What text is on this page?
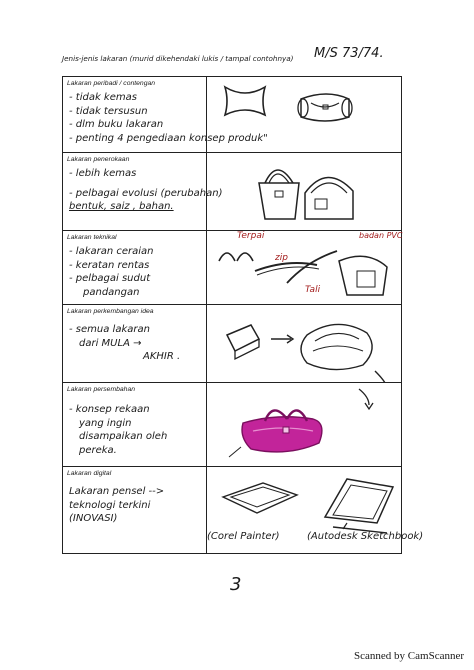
Jenis-jenis lakaran (murid dikehendaki lukis / tampal contohnya) M/S 73/74.
Lakaran peribadi / contengan
- tidak kemas
- tidak tersusun
- dlm buku lakaran
- penting 4 pengediaan konsep produk"
Lakaran penerokaan
- lebih kemas
- pelbagai evolusi (perubahan)
bentuk, saiz , bahan.
Lakaran teknikal
- lakaran ceraian
- keratan rentas
- pelbagai sudut
pandangan
Terpai
zip
Tali
badan PVC
Lakaran perkembangan idea
- semua lakaran
dari MULA →
AKHIR .
Lakaran persembahan
- konsep rekaan
yang ingin
disampaikan oleh
pereka.
Lakaran digital
Lakaran pensel -->
teknologi terkini
(INOVASI)
(Corel Painter)	(Autodesk Sketchbook)
3
Scanned by CamScanner
